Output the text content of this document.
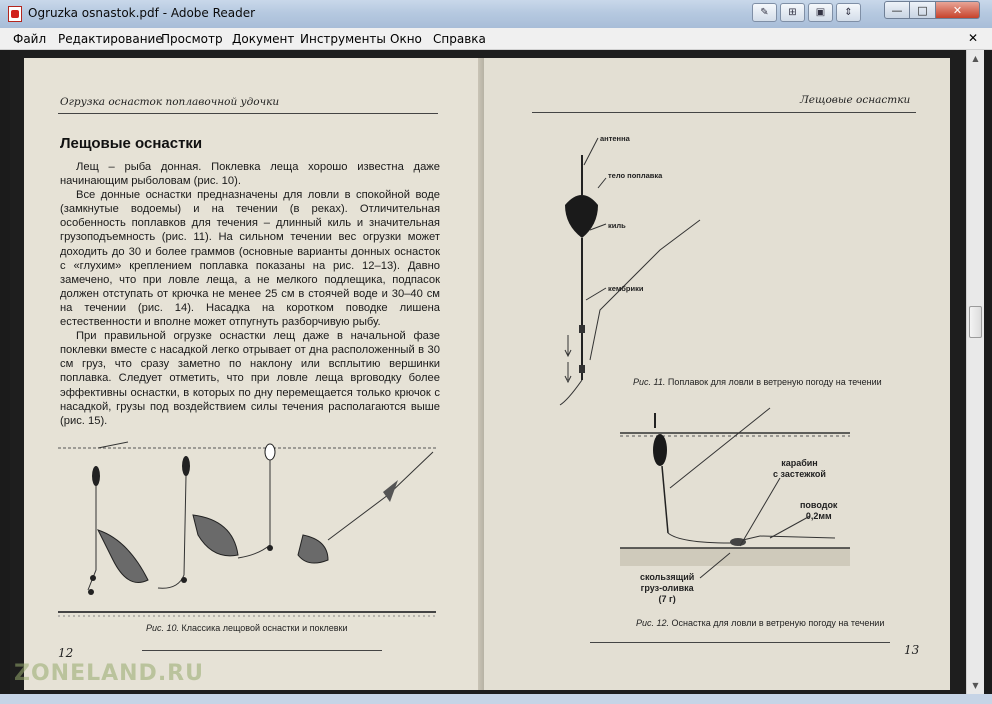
Ogruzka osnastok.pdf - Adobe Reader	✎	⊞	▣	⇕	—	□	✕
Файл Редактирование
Просмотр Документ Инструменты Окно Справка	✕
Огрузка оснасток поплавочной удочки
Лещовые оснастки

Лещ – рыба донная. Поклевка леща хорошо известна даже начинающим рыболовам (рис. 10).

Все донные оснастки предназначены для ловли в спокойной воде (замкнутые водоемы) и на течении (в реках). Отличительная особенность поплавков для течения – длинный киль и значительная грузоподъемность (рис. 11). На сильном течении вес огрузки может доходить до 30 и более граммов (основные варианты донных оснасток с «глухим» креплением поплавка показаны на рис. 12–13). Давно замечено, что при ловле леща, а не мелкого подлещика, подпасок должен отступать от крючка не менее 25 см в стоячей воде и 30–40 см на течении (рис. 14). Насадка на коротком поводке лишена естественности и вполне может отпугнуть разборчивую рыбу.

При правильной огрузке оснастки лещ даже в начальной фазе поклевки вместе с насадкой легко отрывает от дна расположенный в 30 см груз, что сразу заметно по наклону или всплытию вершинки поплавка. Следует отметить, что при ловле леща вproводку более эффективны оснастки, в которых по дну перемещается только крючок с насадкой, грузы под воздействием силы течения располагаются выше (рис. 15).

Рис. 10. Классика лещовой оснастки и поклевки
12
Лещовые оснастки
антенна
тело поплавка
киль
кембрики
Рис. 11. Поплавок для ловли в ветреную погоду на течении
карабин
с застежкой
поводок
0,2мм
скользящий
груз-оливка
(7 г)
Рис. 12. Оснастка для ловли в ветреную погоду на течении
13
▲
▼
ZONELAND.RU
